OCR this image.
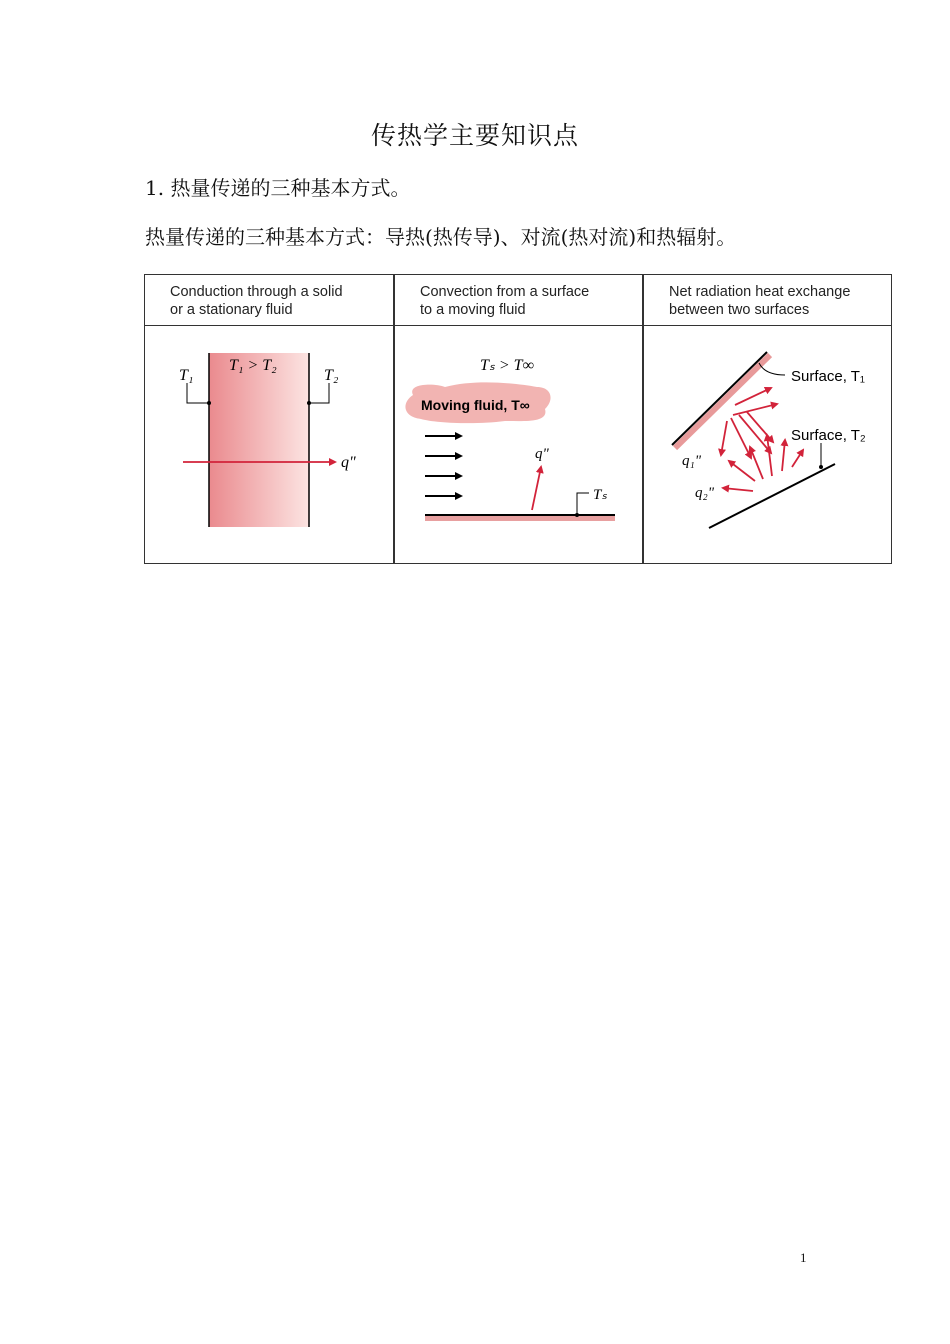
传热学主要知识点
1. 热量传递的三种基本方式。
热量传递的三种基本方式：导热(热传导)、对流(热对流)和热辐射。
Conduction through a solid
or a stationary fluid
Convection from a surface
to a moving fluid
Net radiation heat exchange
between two surfaces
T₁ > T₂
T₁	T₂
q"
Tₛ > T∞
Moving fluid, T∞
q"
Tₛ
Surface, T₁
Surface, T₂
q₁"
q₂"
1
